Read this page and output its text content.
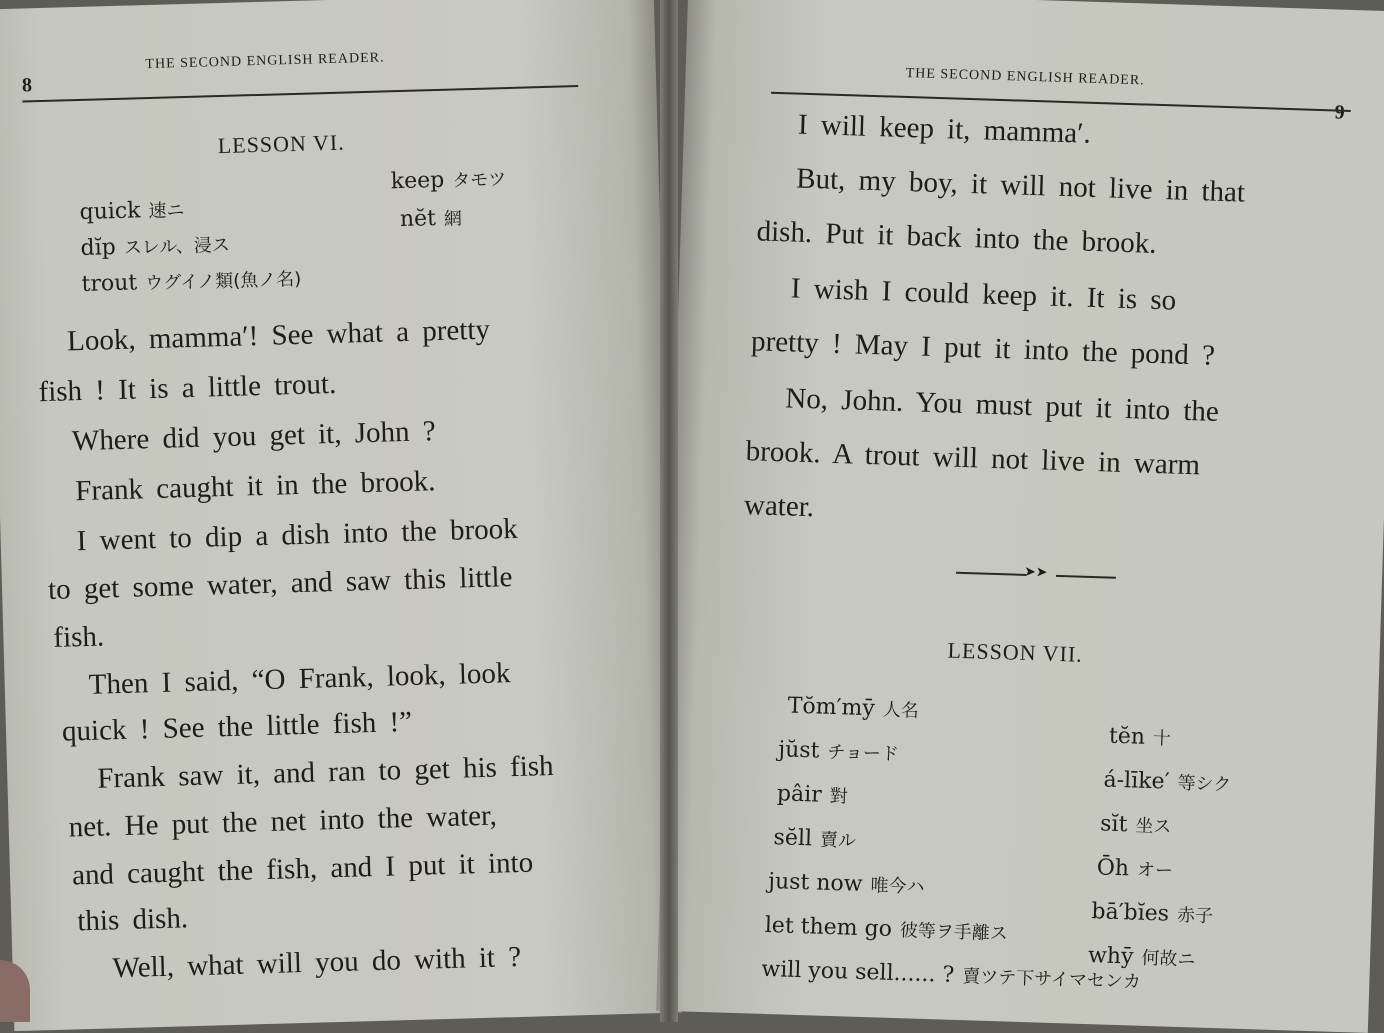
8
THE SECOND ENGLISH READER.
LESSON VI.
quick 速ニ
dĭp スレル、浸ス
trout ウグイノ類(魚ノ名)
keep タモツ
nĕt 網
Look, mamma′! See what a pretty
fish ! It is a little trout.
Where did you get it, John ?
Frank caught it in the brook.
I went to dip a dish into the brook
to get some water, and saw this little
fish.
Then I said, “O Frank, look, look
quick ! See the little fish !”
Frank saw it, and ran to get his fish
net. He put the net into the water,
and caught the fish, and I put it into
this dish.
Well, what will you do with it ?
THE SECOND ENGLISH READER.
9
I will keep it, mamma′.
But, my boy, it will not live in that
dish. Put it back into the brook.
I wish I could keep it. It is so
pretty ! May I put it into the pond ?
No, John. You must put it into the
brook. A trout will not live in warm
water.
➤➤
LESSON VII.
Tŏm′mȳ 人名
jŭst チョード
pâir 對
sĕll 賣ル
just now 唯今ハ
let them go 彼等ヲ手離ス
will you sell...... ? 賣ツテ下サイマセンカ
tĕn 十
á-līke′ 等シク
sĭt 坐ス
Ōh オー
bā′bĭes 赤子
whȳ 何故ニ
